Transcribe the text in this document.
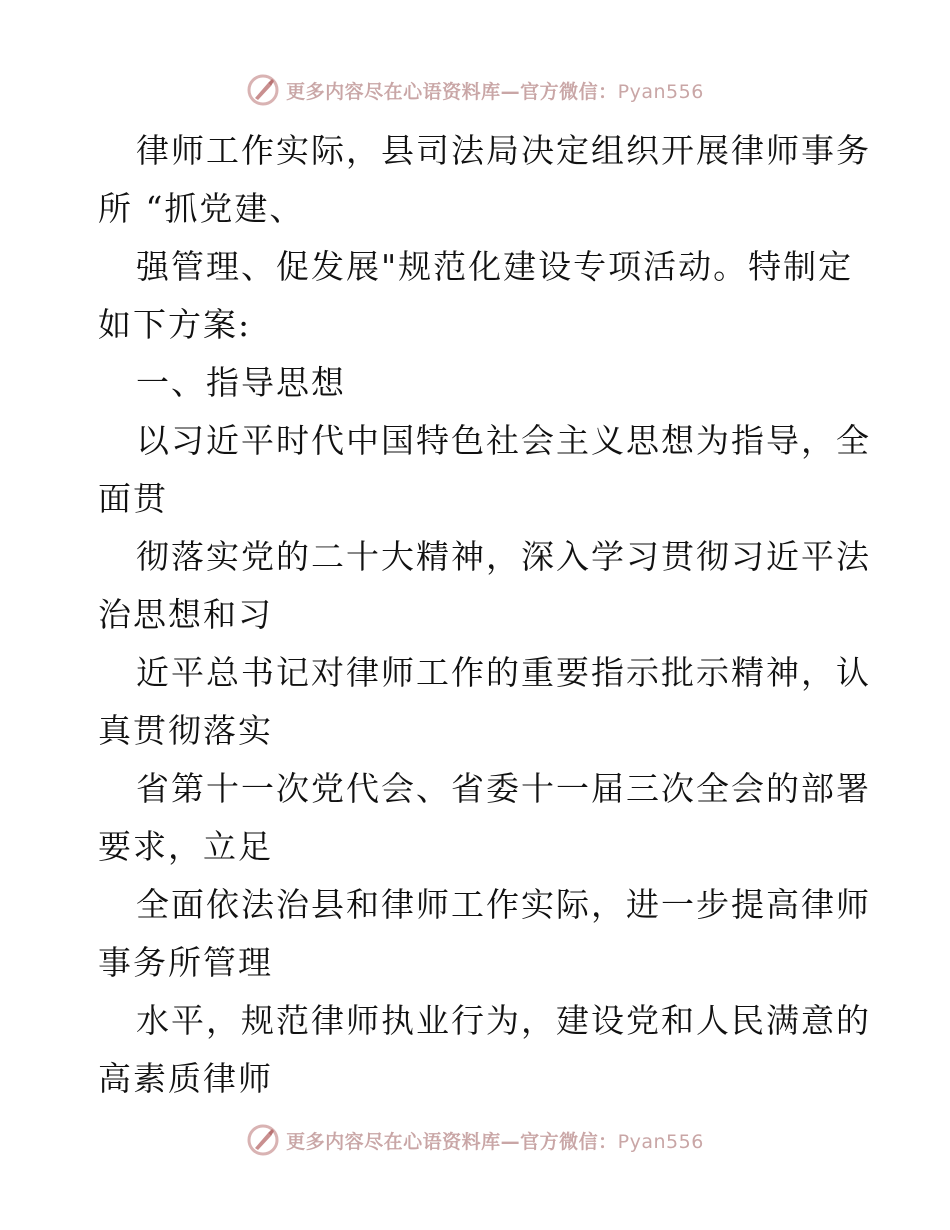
更多内容尽在心语资料库—官方微信：Pyan556

律师工作实际，县司法局决定组织开展律师事务

所 “抓党建、

强管理、促发展"规范化建设专项活动。特制定

如下方案:

一、指导思想

以习近平时代中国特色社会主义思想为指导，全

面贯

彻落实党的二十大精神，深入学习贯彻习近平法

治思想和习

近平总书记对律师工作的重要指示批示精神，认

真贯彻落实

省第十一次党代会、省委十一届三次全会的部署

要求，立足

全面依法治县和律师工作实际，进一步提高律师

事务所管理

水平，规范律师执业行为，建设党和人民满意的

高素质律师

更多内容尽在心语资料库—官方微信：Pyan556
